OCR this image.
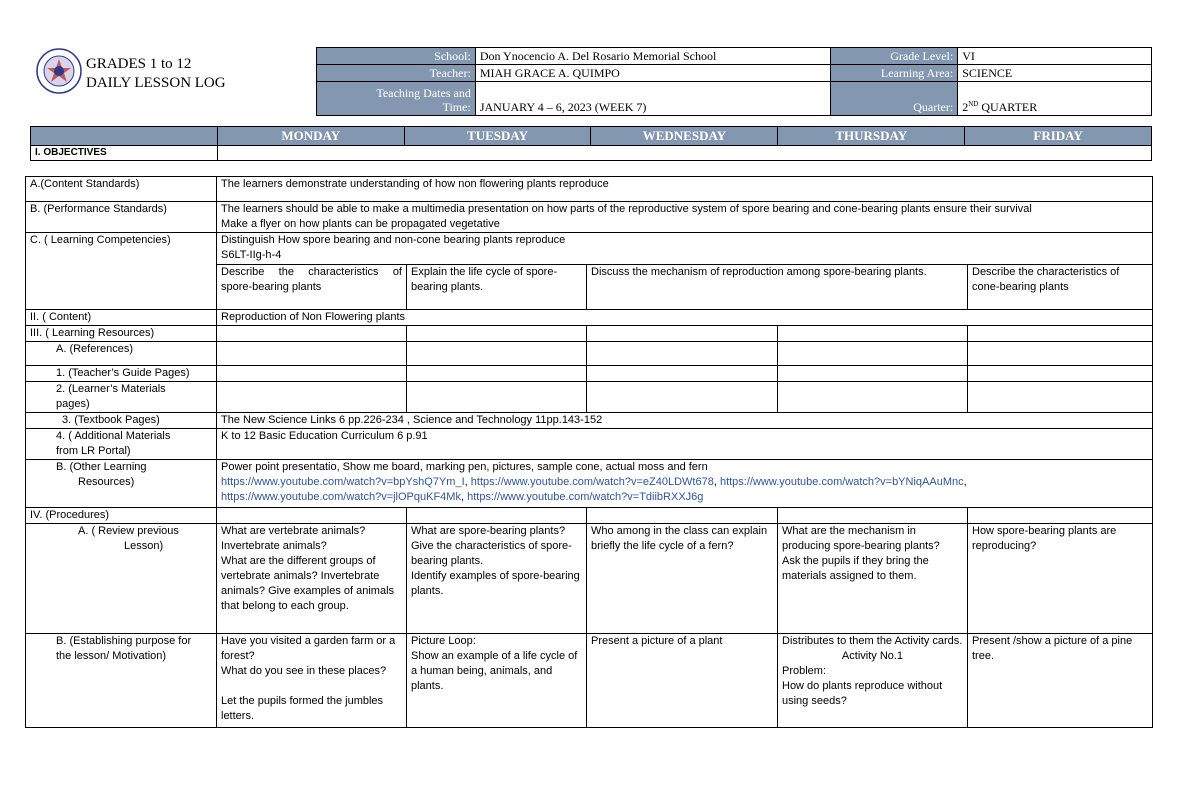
GRADES 1 to 12
DAILY LESSON LOG
School:	Don Ynocencio A. Del Rosario Memorial School	Grade Level:	VI
Teacher:	MIAH GRACE A. QUIMPO	Learning Area:	SCIENCE
Teaching Dates and
Time:	JANUARY 4 – 6, 2023 (WEEK 7)	Quarter:	2ND QUARTER
	MONDAY	TUESDAY	WEDNESDAY	THURSDAY	FRIDAY
I. OBJECTIVES					
A.(Content Standards)	The learners demonstrate understanding of how non flowering plants reproduce				
B. (Performance Standards)	The learners should be able to make a multimedia presentation on how parts of the reproductive system of spore bearing and cone-bearing plants ensure their survival
Make a flyer on how plants can be propagated vegetative				
C. ( Learning Competencies)	Distinguish How spore bearing and non-cone bearing plants reproduce
S6LT-IIg-h-4				
	Describe the characteristics of spore-bearing plants	Explain the life cycle of spore-bearing plants.	Discuss the mechanism of reproduction among spore-bearing plants.		Describe the characteristics of cone-bearing plants
II. ( Content)	Reproduction of Non Flowering plants				
III. ( Learning Resources)					
A. (References)					
1. (Teacher’s Guide Pages)					
2. (Learner’s Materials
pages)					
3. (Textbook Pages)	The New Science Links 6 pp.226-234 , Science and Technology 11pp.143-152				
4. ( Additional Materials
from LR Portal)	K to 12 Basic Education Curriculum 6 p.91				
B. (Other Learning
Resources)	Power point presentatio, Show me board, marking pen, pictures, sample cone, actual moss and fern
https://www.youtube.com/watch?v=bpYshQ7Ym_I, https://www.youtube.com/watch?v=eZ40LDWt678, https://www.youtube.com/watch?v=bYNiqAAuMnc,
https://www.youtube.com/watch?v=jlOPquKF4Mk, https://www.youtube.com/watch?v=TdiibRXXJ6g				
IV. (Procedures)					
A. ( Review previous
Lesson)	What are vertebrate animals?
Invertebrate animals?
What are the different groups of vertebrate animals? Invertebrate animals? Give examples of animals that belong to each group.	What are spore-bearing plants?
Give the characteristics of spore-bearing plants.
Identify examples of spore-bearing plants.	Who among in the class can explain briefly the life cycle of a fern?	What are the mechanism in producing spore-bearing plants?
Ask the pupils if they bring the materials assigned to them.	How spore-bearing plants are reproducing?
B. (Establishing purpose for
the lesson/ Motivation)	Have you visited a garden farm or a forest?
What do you see in these places?

Let the pupils formed the jumbles letters.	Picture Loop:
Show an example of a life cycle of a human being, animals, and plants.	Present a picture of a plant	Distributes to them the Activity cards.
Activity No.1
Problem:
How do plants reproduce without using seeds?	Present /show a picture of a pine tree.
